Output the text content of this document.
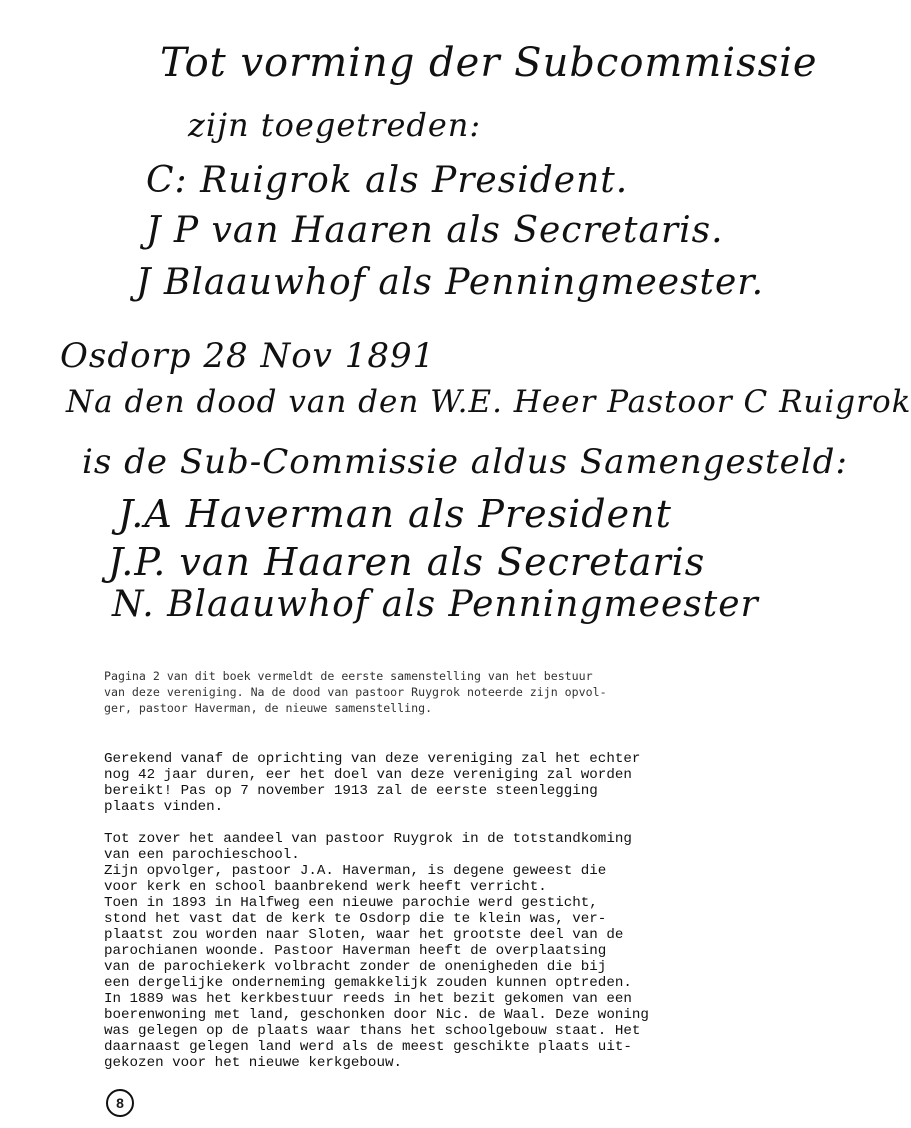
Tot vorming der Subcommissie
zijn toegetreden:
C: Ruigrok als President.
J P van Haaren als Secretaris.
J Blaauwhof als Penningmeester.
Osdorp 28 Nov 1891
Na den dood van den W.E. Heer Pastoor C Ruigrok
is de Sub-Commissie aldus Samengesteld:
J.A Haverman als President
J.P. van Haaren als Secretaris
N. Blaauwhof als Penningmeester

Pagina 2 van dit boek vermeldt de eerste samenstelling van het bestuur

van deze vereniging. Na de dood van pastoor Ruygrok noteerde zijn opvol-

ger, pastoor Haverman, de nieuwe samenstelling.

Gerekend vanaf de oprichting van deze vereniging zal het echter

nog 42 jaar duren, eer het doel van deze vereniging zal worden

bereikt! Pas op 7 november 1913 zal de eerste steenlegging

plaats vinden.

Tot zover het aandeel van pastoor Ruygrok in de totstandkoming

van een parochieschool.

Zijn opvolger, pastoor J.A. Haverman, is degene geweest die

voor kerk en school baanbrekend werk heeft verricht.

Toen in 1893 in Halfweg een nieuwe parochie werd gesticht,

stond het vast dat de kerk te Osdorp die te klein was, ver-

plaatst zou worden naar Sloten, waar het grootste deel van de

parochianen woonde. Pastoor Haverman heeft de overplaatsing

van de parochiekerk volbracht zonder de onenigheden die bij

een dergelijke onderneming gemakkelijk zouden kunnen optreden.

In 1889 was het kerkbestuur reeds in het bezit gekomen van een

boerenwoning met land, geschonken door Nic. de Waal. Deze woning

was gelegen op de plaats waar thans het schoolgebouw staat. Het

daarnaast gelegen land werd als de meest geschikte plaats uit-

gekozen voor het nieuwe kerkgebouw.

8
